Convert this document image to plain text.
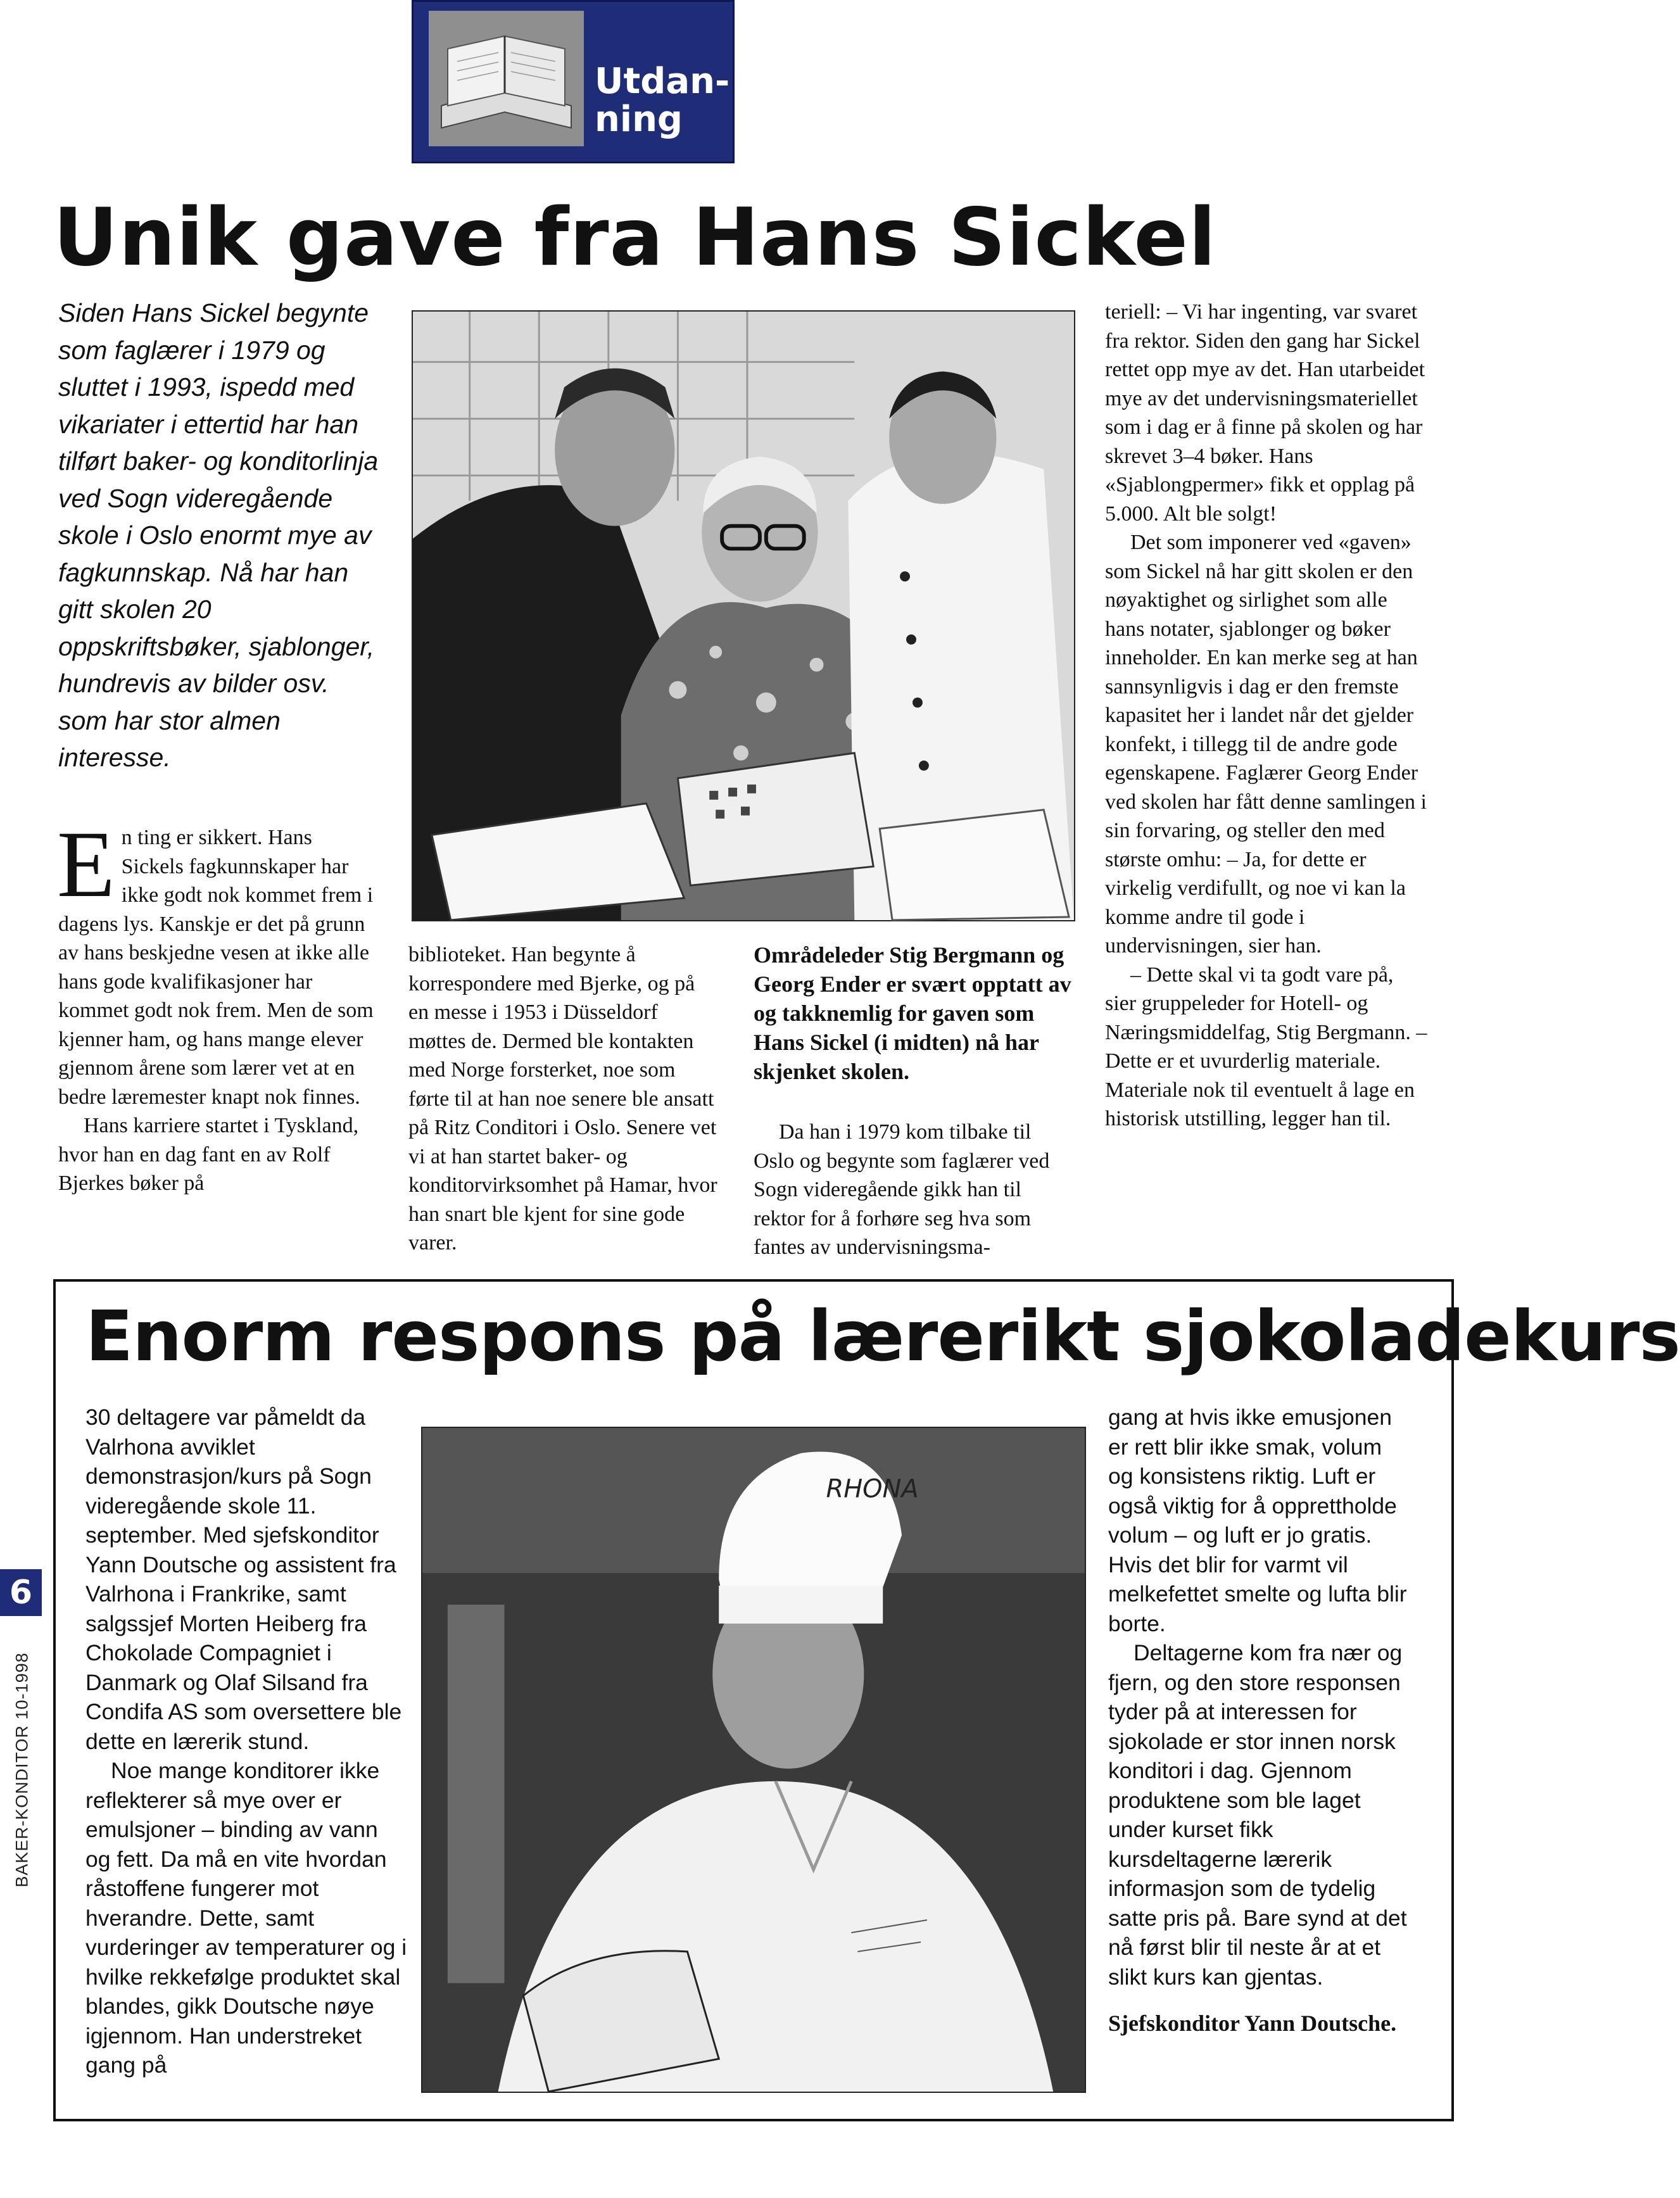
Utdan-
ning
Unik gave fra Hans Sickel
Siden Hans Sickel begynte som faglærer i 1979 og sluttet i 1993, ispedd med vikariater i ettertid har han tilført baker- og konditorlinja ved Sogn videregående skole i Oslo enormt mye av fagkunnskap. Nå har han gitt skolen 20 oppskriftsbøker, sjablonger, hundrevis av bilder osv. som har stor almen interesse.

En ting er sikkert. Hans Sickels fagkunnskaper har ikke godt nok kommet frem i dagens lys. Kanskje er det på grunn av hans beskjedne vesen at ikke alle hans gode kvalifikasjoner har kommet godt nok frem. Men de som kjenner ham, og hans mange elever gjennom årene som lærer vet at en bedre læremester knapt nok finnes.

Hans karriere startet i Tyskland, hvor han en dag fant en av Rolf Bjerkes bøker på

biblioteket. Han begynte å korrespondere med Bjerke, og på en messe i 1953 i Düsseldorf møttes de. Dermed ble kontakten med Norge forsterket, noe som førte til at han noe senere ble ansatt på Ritz Conditori i Oslo. Senere vet vi at han startet baker- og konditorvirksomhet på Hamar, hvor han snart ble kjent for sine gode varer.

Områdeleder Stig Bergmann og Georg Ender er svært opptatt av og takknemlig for gaven som Hans Sickel (i midten) nå har skjenket skolen.

Da han i 1979 kom tilbake til Oslo og begynte som faglærer ved Sogn videregående gikk han til rektor for å forhøre seg hva som fantes av undervisningsma-

teriell: – Vi har ingenting, var svaret fra rektor. Siden den gang har Sickel rettet opp mye av det. Han utarbeidet mye av det undervisningsmateriellet som i dag er å finne på skolen og har skrevet 3–4 bøker. Hans «Sjablongpermer» fikk et opplag på 5.000. Alt ble solgt!

Det som imponerer ved «gaven» som Sickel nå har gitt skolen er den nøyaktighet og sirlighet som alle hans notater, sjablonger og bøker inneholder. En kan merke seg at han sannsynligvis i dag er den fremste kapasitet her i landet når det gjelder konfekt, i tillegg til de andre gode egenskapene. Faglærer Georg Ender ved skolen har fått denne samlingen i sin forvaring, og steller den med største omhu: – Ja, for dette er virkelig verdifullt, og noe vi kan la komme andre til gode i undervisningen, sier han.

– Dette skal vi ta godt vare på, sier gruppeleder for Hotell- og Næringsmiddelfag, Stig Bergmann. – Dette er et uvurderlig materiale. Materiale nok til eventuelt å lage en historisk utstilling, legger han til.

Enorm respons på lærerikt sjokoladekurs

30 deltagere var påmeldt da Valrhona avviklet demonstrasjon/kurs på Sogn videregående skole 11. september. Med sjefskonditor Yann Doutsche og assistent fra Valrhona i Frankrike, samt salgssjef Morten Heiberg fra Chokolade Compagniet i Danmark og Olaf Silsand fra Condifa AS som oversettere ble dette en lærerik stund.

Noe mange konditorer ikke reflekterer så mye over er emulsjoner – binding av vann og fett. Da må en vite hvordan råstoffene fungerer mot hverandre. Dette, samt vurderinger av temperaturer og i hvilke rekkefølge produktet skal blandes, gikk Doutsche nøye igjennom. Han understreket gang på

RHONA

gang at hvis ikke emusjonen er rett blir ikke smak, volum og konsistens riktig. Luft er også viktig for å opprettholde volum – og luft er jo gratis. Hvis det blir for varmt vil melkefettet smelte og lufta blir borte.

Deltagerne kom fra nær og fjern, og den store responsen tyder på at interessen for sjokolade er stor innen norsk konditori i dag. Gjennom produktene som ble laget under kurset fikk kursdeltagerne lærerik informasjon som de tydelig satte pris på. Bare synd at det nå først blir til neste år at et slikt kurs kan gjentas.

Sjefskonditor Yann Doutsche.
6
BAKER-KONDITOR 10-1998
